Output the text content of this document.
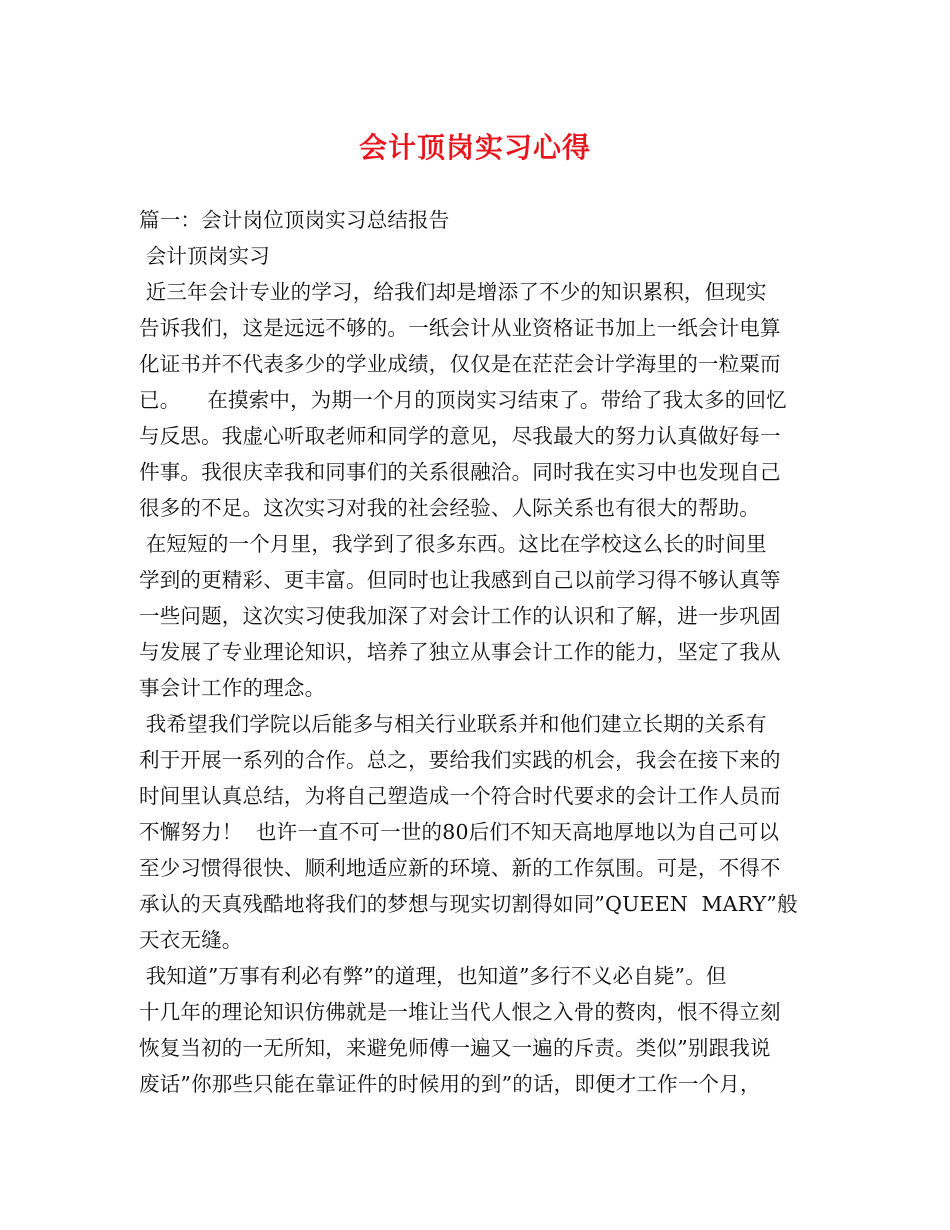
会计顶岗实习心得
篇一：会计岗位顶岗实习总结报告
会计顶岗实习
近三年会计专业的学习，给我们却是增添了不少的知识累积，但现实
告诉我们，这是远远不够的。一纸会计从业资格证书加上一纸会计电算
化证书并不代表多少的学业成绩，仅仅是在茫茫会计学海里的一粒粟而
已。    在摸索中，为期一个月的顶岗实习结束了。带给了我太多的回忆
与反思。我虚心听取老师和同学的意见，尽我最大的努力认真做好每一
件事。我很庆幸我和同事们的关系很融洽。同时我在实习中也发现自己
很多的不足。这次实习对我的社会经验、人际关系也有很大的帮助。
在短短的一个月里，我学到了很多东西。这比在学校这么长的时间里
学到的更精彩、更丰富。但同时也让我感到自己以前学习得不够认真等
一些问题，这次实习使我加深了对会计工作的认识和了解，进一步巩固
与发展了专业理论知识，培养了独立从事会计工作的能力，坚定了我从
事会计工作的理念。
我希望我们学院以后能多与相关行业联系并和他们建立长期的关系有
利于开展一系列的合作。总之，要给我们实践的机会，我会在接下来的
时间里认真总结，为将自己塑造成一个符合时代要求的会计工作人员而
不懈努力！  也许一直不可一世的80后们不知天高地厚地以为自己可以
至少习惯得很快、顺利地适应新的环境、新的工作氛围。可是，不得不
承认的天真残酷地将我们的梦想与现实切割得如同”QUEEN  MARY”般
天衣无缝。
我知道”万事有利必有弊”的道理，也知道”多行不义必自毙”。但
十几年的理论知识仿佛就是一堆让当代人恨之入骨的赘肉，恨不得立刻
恢复当初的一无所知，来避免师傅一遍又一遍的斥责。类似”别跟我说
废话”你那些只能在靠证件的时候用的到”的话，即便才工作一个月，
